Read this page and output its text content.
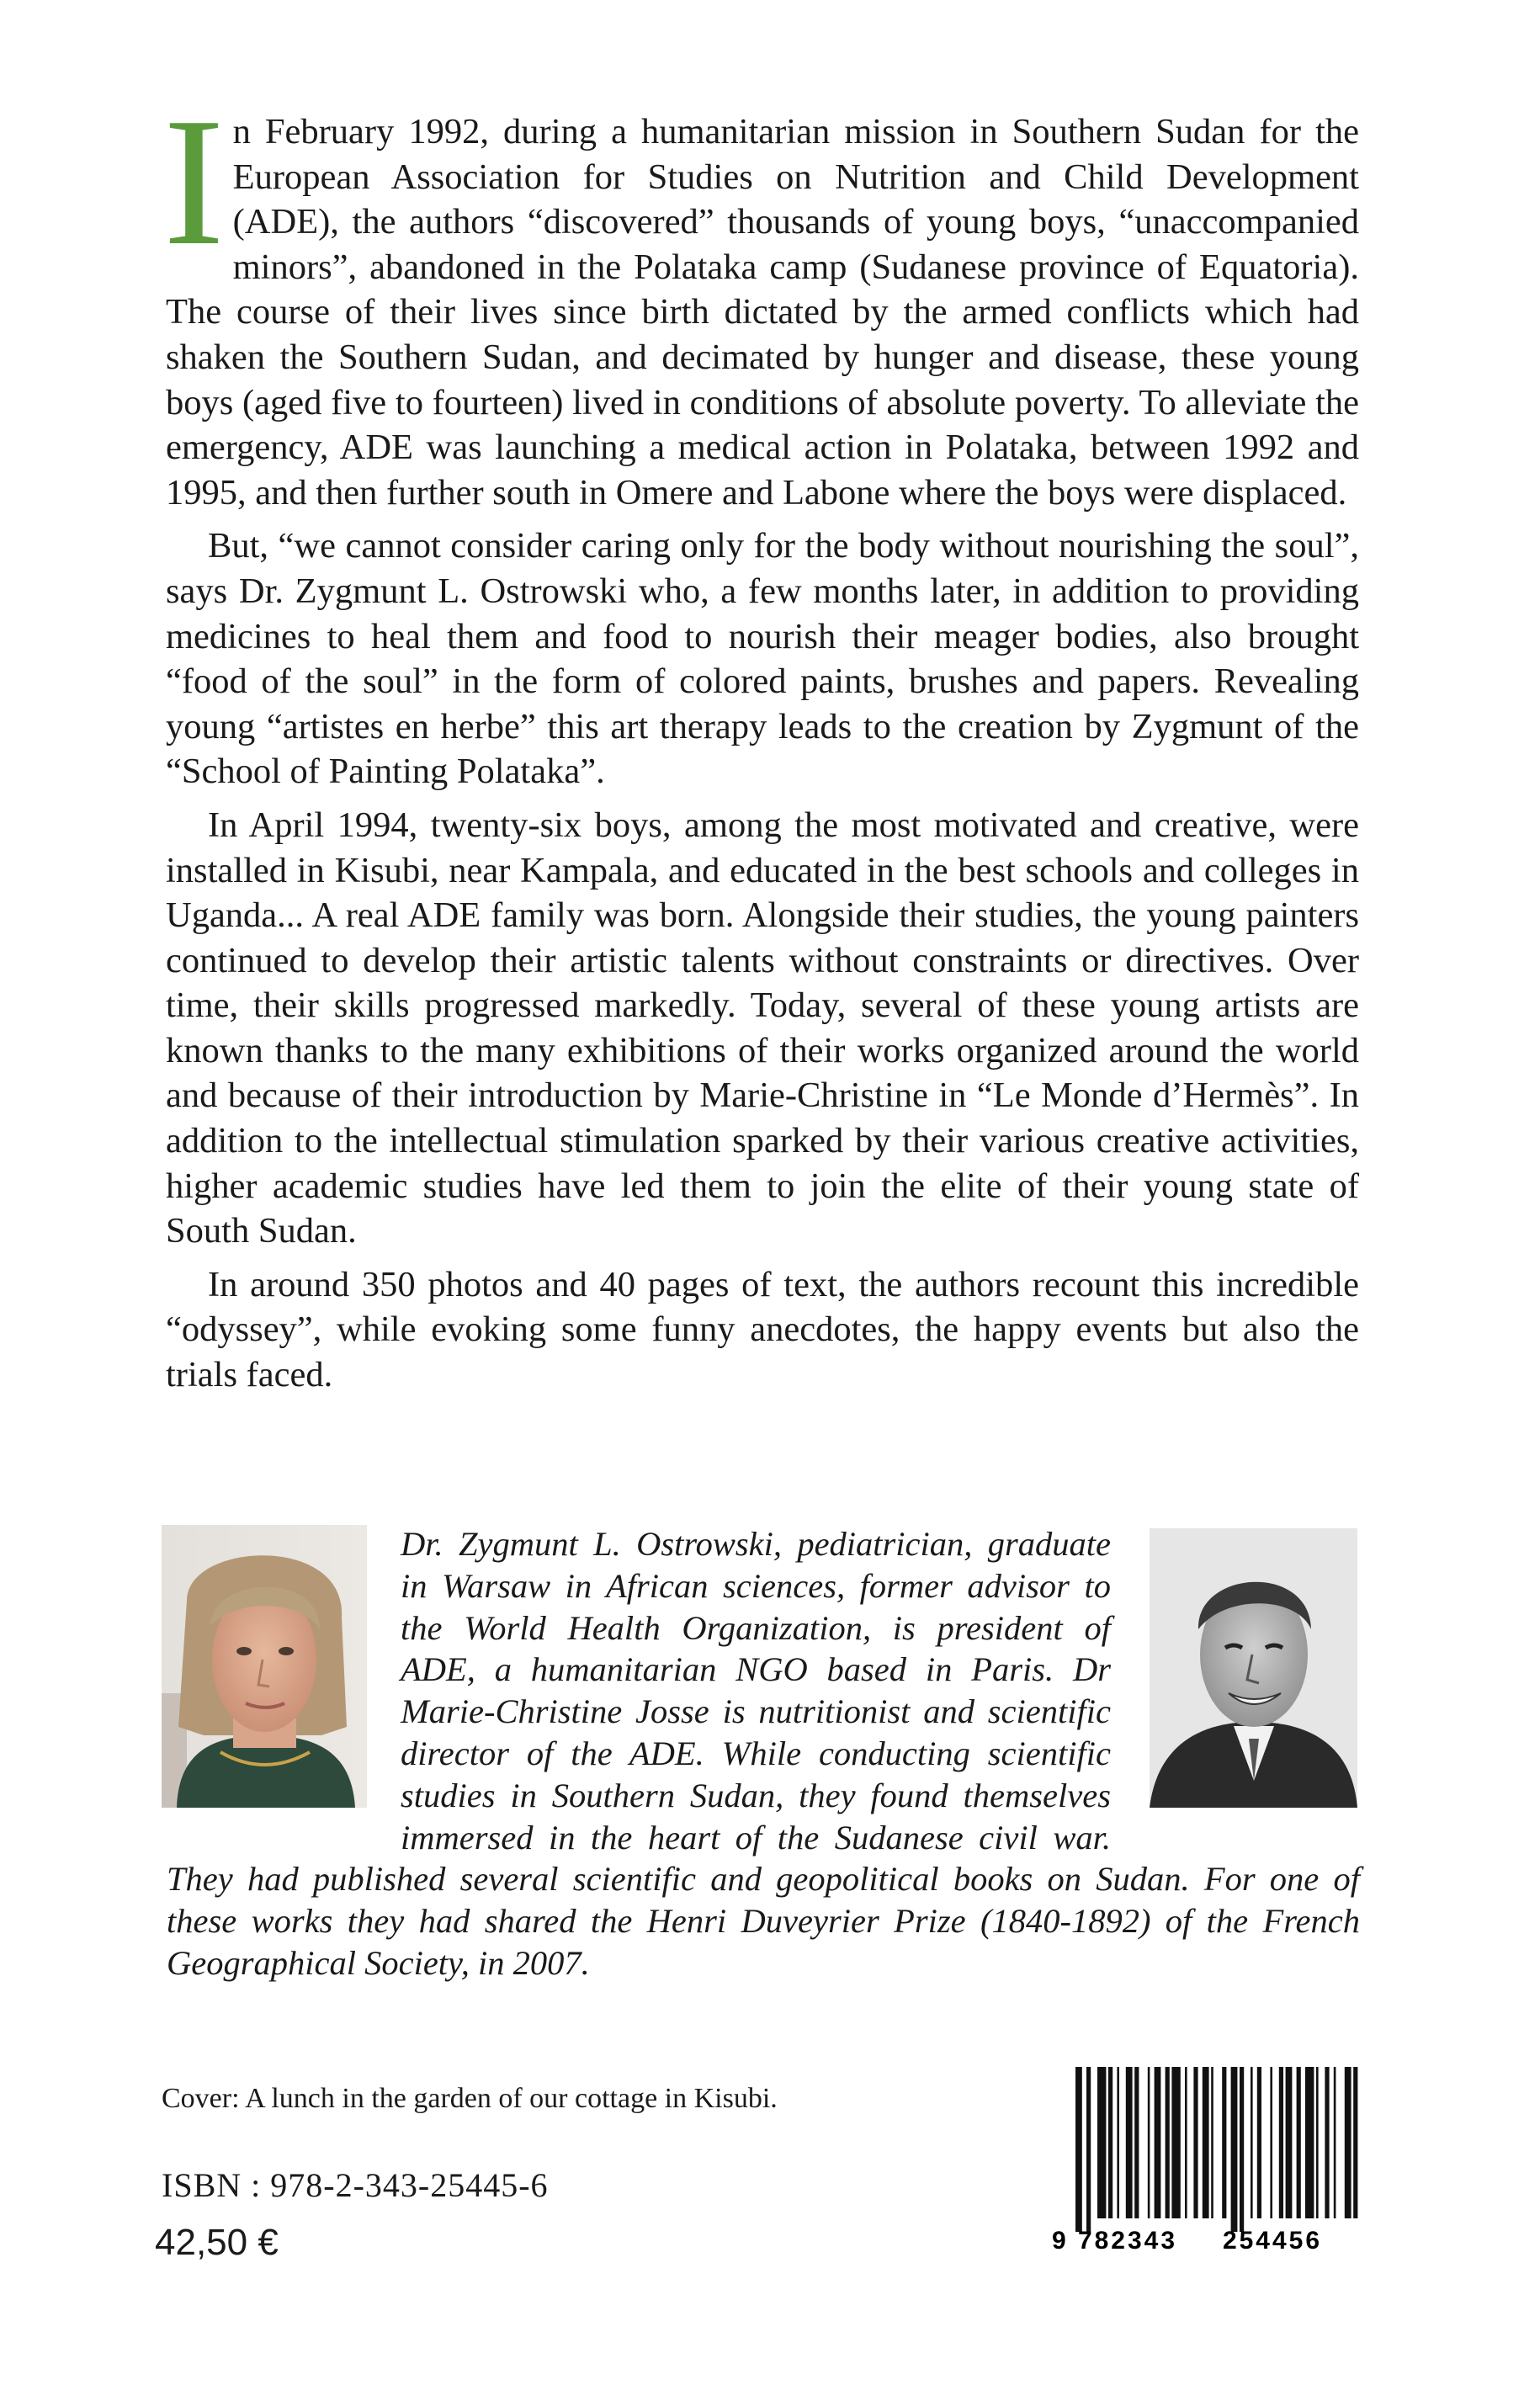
In February 1992, during a humanitarian mission in Southern Sudan for the European Association for Studies on Nutrition and Child Development (ADE), the authors “discovered” thousands of young boys, “unaccompanied minors”, abandoned in the Polataka camp (Sudanese province of Equatoria). The course of their lives since birth dictated by the armed conflicts which had shaken the Southern Sudan, and decimated by hunger and disease, these young boys (aged five to fourteen) lived in conditions of absolute poverty. To alleviate the emergency, ADE was launching a medical action in Polataka, between 1992 and 1995, and then further south in Omere and Labone where the boys were displaced.

But, “we cannot consider caring only for the body without nourishing the soul”, says Dr. Zygmunt L. Ostrowski who, a few months later, in addition to providing medicines to heal them and food to nourish their meager bodies, also brought “food of the soul” in the form of colored paints, brushes and papers. Revealing young “artistes en herbe” this art therapy leads to the creation by Zygmunt of the “School of Painting Polataka”.

In April 1994, twenty-six boys, among the most motivated and creative, were installed in Kisubi, near Kampala, and educated in the best schools and colleges in Uganda... A real ADE family was born. Alongside their studies, the young painters continued to develop their artistic talents without constraints or directives. Over time, their skills progressed markedly. Today, several of these young artists are known thanks to the many exhibitions of their works organized around the world and because of their introduction by Marie-Christine in “Le Monde d’Hermès”. In addition to the intellectual stimulation sparked by their various creative activities, higher academic studies have led them to join the elite of their young state of South Sudan.

In around 350 photos and 40 pages of text, the authors recount this incredible “odyssey”, while evoking some funny anecdotes, the happy events but also the trials faced.

Dr. Zygmunt L. Ostrowski, pediatrician, graduate in Warsaw in African sciences, former advisor to the World Health Organization, is president of ADE, a humanitarian NGO based in Paris. Dr Marie-Christine Josse is nutritionist and scientific director of the ADE. While conducting scientific studies in Southern Sudan, they found themselves immersed in the heart of the Sudanese civil war. They had published several scientific and geopolitical books on Sudan. For one of these works they had shared the Henri Duveyrier Prize (1840-1892) of the French Geographical Society, in 2007.

Cover: A lunch in the garden of our cottage in Kisubi.
ISBN : 978-2-343-25445-6
42,50 €	9 782343 254456
